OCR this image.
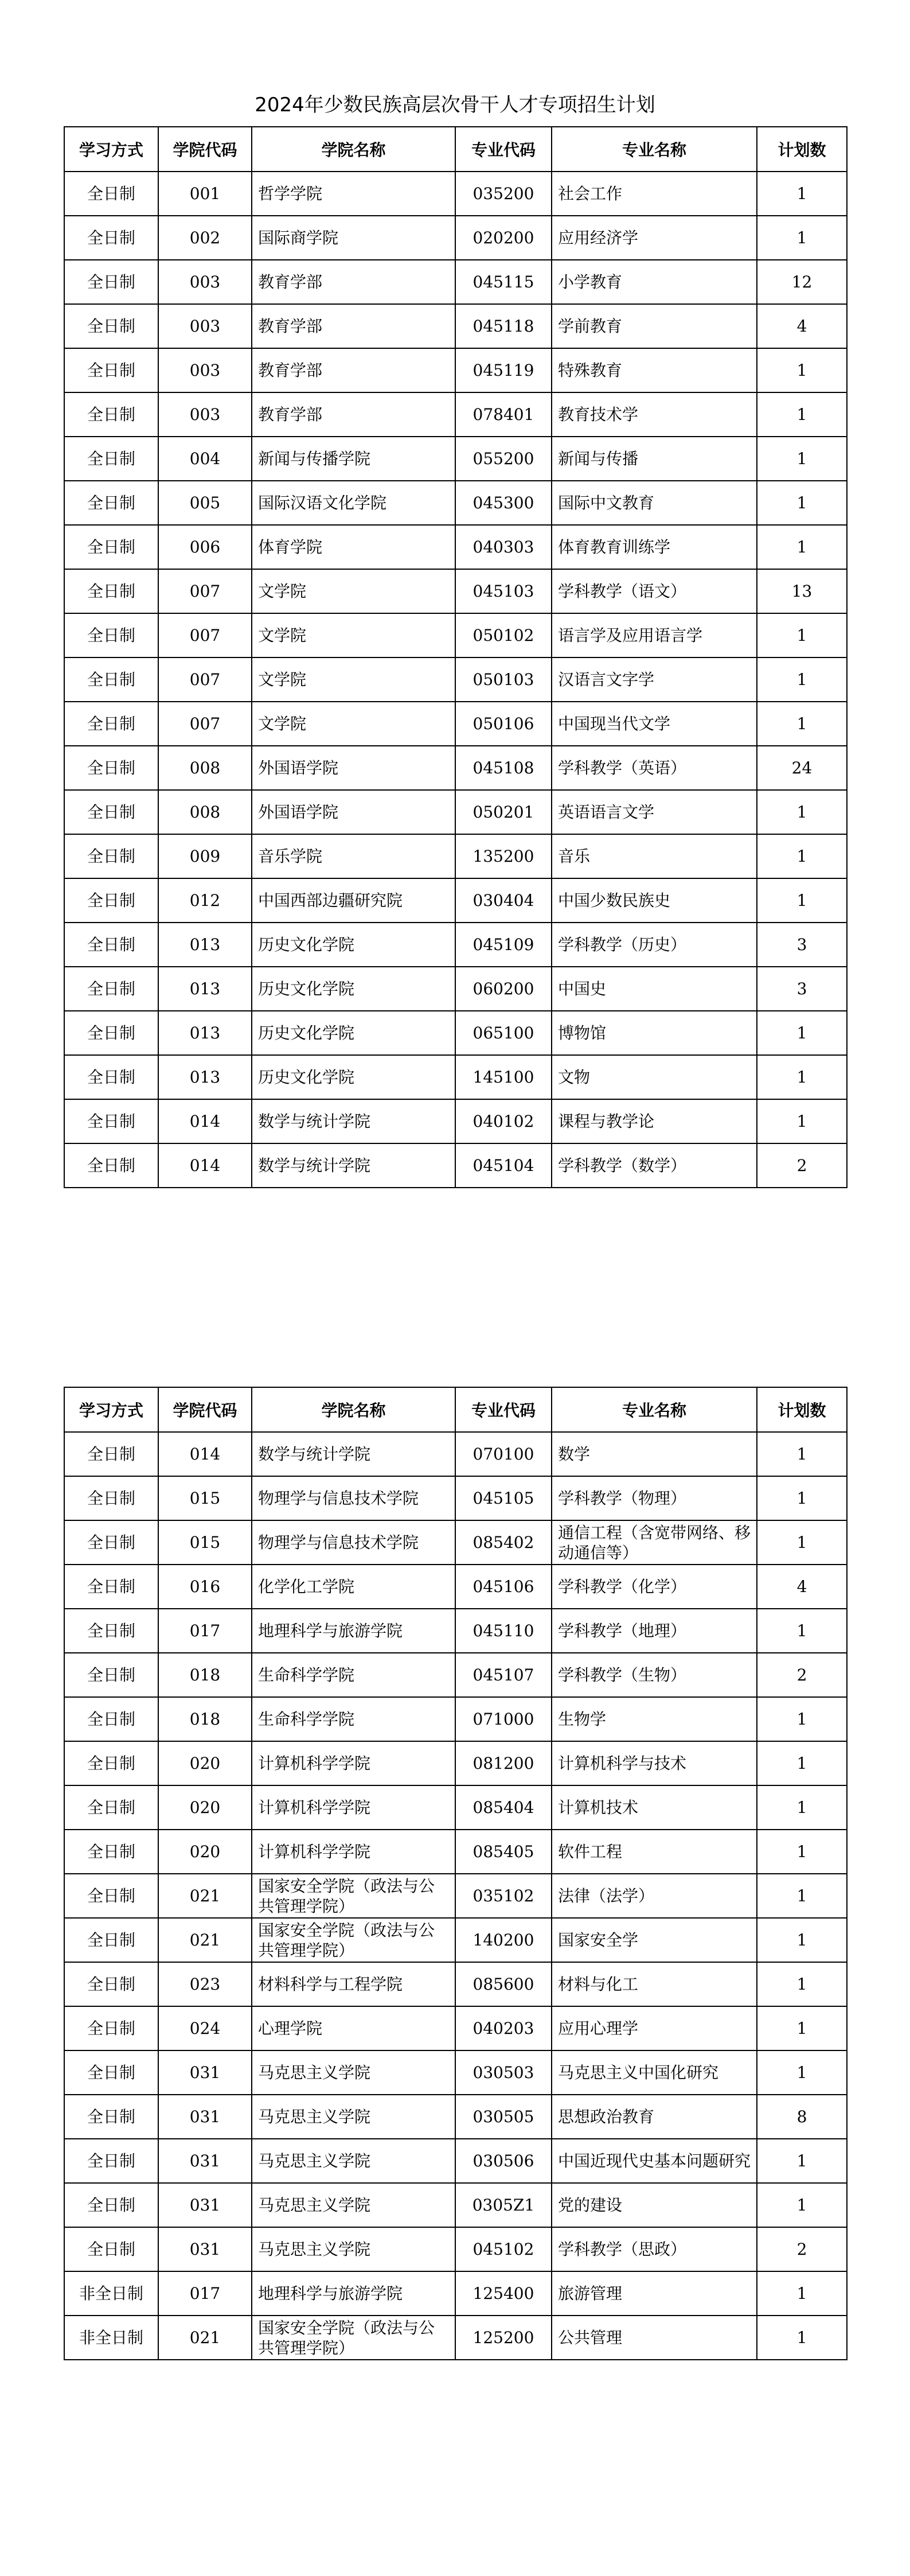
2024年少数民族高层次骨干人才专项招生计划
学习方式	学院代码	学院名称	专业代码	专业名称	计划数
全日制	001	哲学学院	035200	社会工作	1
全日制	002	国际商学院	020200	应用经济学	1
全日制	003	教育学部	045115	小学教育	12
全日制	003	教育学部	045118	学前教育	4
全日制	003	教育学部	045119	特殊教育	1
全日制	003	教育学部	078401	教育技术学	1
全日制	004	新闻与传播学院	055200	新闻与传播	1
全日制	005	国际汉语文化学院	045300	国际中文教育	1
全日制	006	体育学院	040303	体育教育训练学	1
全日制	007	文学院	045103	学科教学（语文）	13
全日制	007	文学院	050102	语言学及应用语言学	1
全日制	007	文学院	050103	汉语言文字学	1
全日制	007	文学院	050106	中国现当代文学	1
全日制	008	外国语学院	045108	学科教学（英语）	24
全日制	008	外国语学院	050201	英语语言文学	1
全日制	009	音乐学院	135200	音乐	1
全日制	012	中国西部边疆研究院	030404	中国少数民族史	1
全日制	013	历史文化学院	045109	学科教学（历史）	3
全日制	013	历史文化学院	060200	中国史	3
全日制	013	历史文化学院	065100	博物馆	1
全日制	013	历史文化学院	145100	文物	1
全日制	014	数学与统计学院	040102	课程与教学论	1
全日制	014	数学与统计学院	045104	学科教学（数学）	2
学习方式	学院代码	学院名称	专业代码	专业名称	计划数
全日制	014	数学与统计学院	070100	数学	1
全日制	015	物理学与信息技术学院	045105	学科教学（物理）	1
全日制	015	物理学与信息技术学院	085402	通信工程（含宽带网络、移动通信等）	1
全日制	016	化学化工学院	045106	学科教学（化学）	4
全日制	017	地理科学与旅游学院	045110	学科教学（地理）	1
全日制	018	生命科学学院	045107	学科教学（生物）	2
全日制	018	生命科学学院	071000	生物学	1
全日制	020	计算机科学学院	081200	计算机科学与技术	1
全日制	020	计算机科学学院	085404	计算机技术	1
全日制	020	计算机科学学院	085405	软件工程	1
全日制	021	国家安全学院（政法与公共管理学院）	035102	法律（法学）	1
全日制	021	国家安全学院（政法与公共管理学院）	140200	国家安全学	1
全日制	023	材料科学与工程学院	085600	材料与化工	1
全日制	024	心理学院	040203	应用心理学	1
全日制	031	马克思主义学院	030503	马克思主义中国化研究	1
全日制	031	马克思主义学院	030505	思想政治教育	8
全日制	031	马克思主义学院	030506	中国近现代史基本问题研究	1
全日制	031	马克思主义学院	0305Z1	党的建设	1
全日制	031	马克思主义学院	045102	学科教学（思政）	2
非全日制	017	地理科学与旅游学院	125400	旅游管理	1
非全日制	021	国家安全学院（政法与公共管理学院）	125200	公共管理	1
